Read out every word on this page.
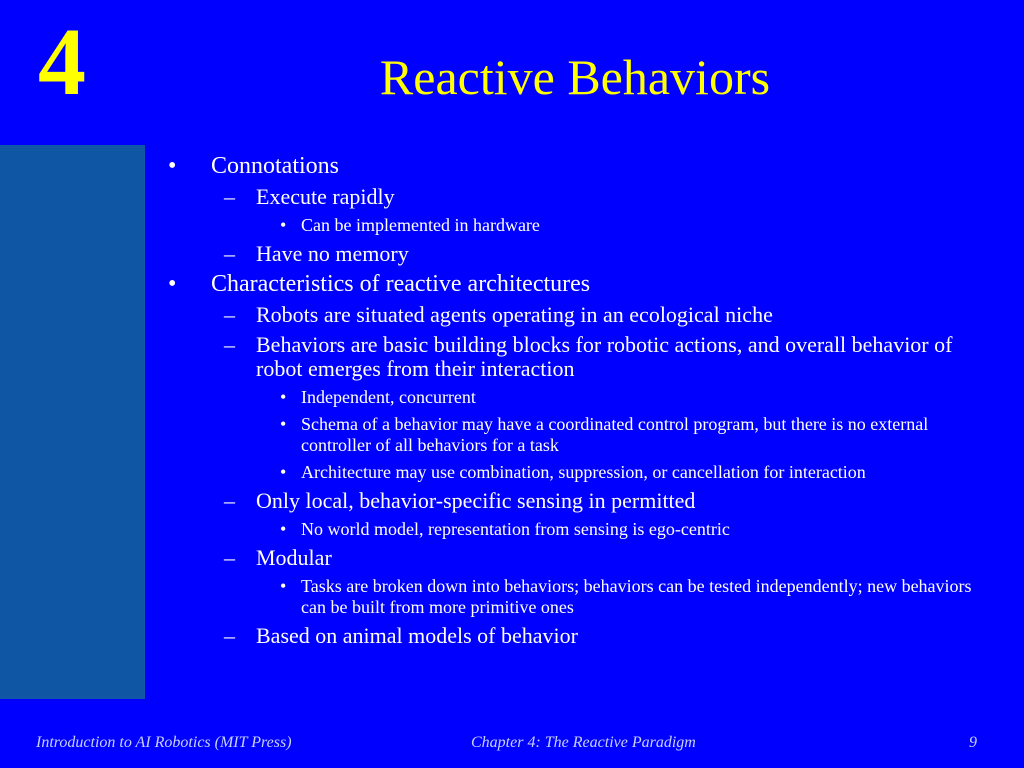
4	Reactive Behaviors
• Connotations
– Execute rapidly
• Can be implemented in hardware
– Have no memory
• Characteristics of reactive architectures
– Robots are situated agents operating in an ecological niche
– Behaviors are basic building blocks for robotic actions, and overall behavior of robot emerges from their interaction
• Independent, concurrent
• Schema of a behavior may have a coordinated control program, but there is no external controller of all behaviors for a task
• Architecture may use combination, suppression, or cancellation for interaction
– Only local, behavior-specific sensing in permitted
• No world model, representation from sensing is ego-centric
– Modular
• Tasks are broken down into behaviors; behaviors can be tested independently; new behaviors can be built from more primitive ones
– Based on animal models of behavior
Introduction to AI Robotics (MIT Press)	Chapter 4: The Reactive Paradigm	9
